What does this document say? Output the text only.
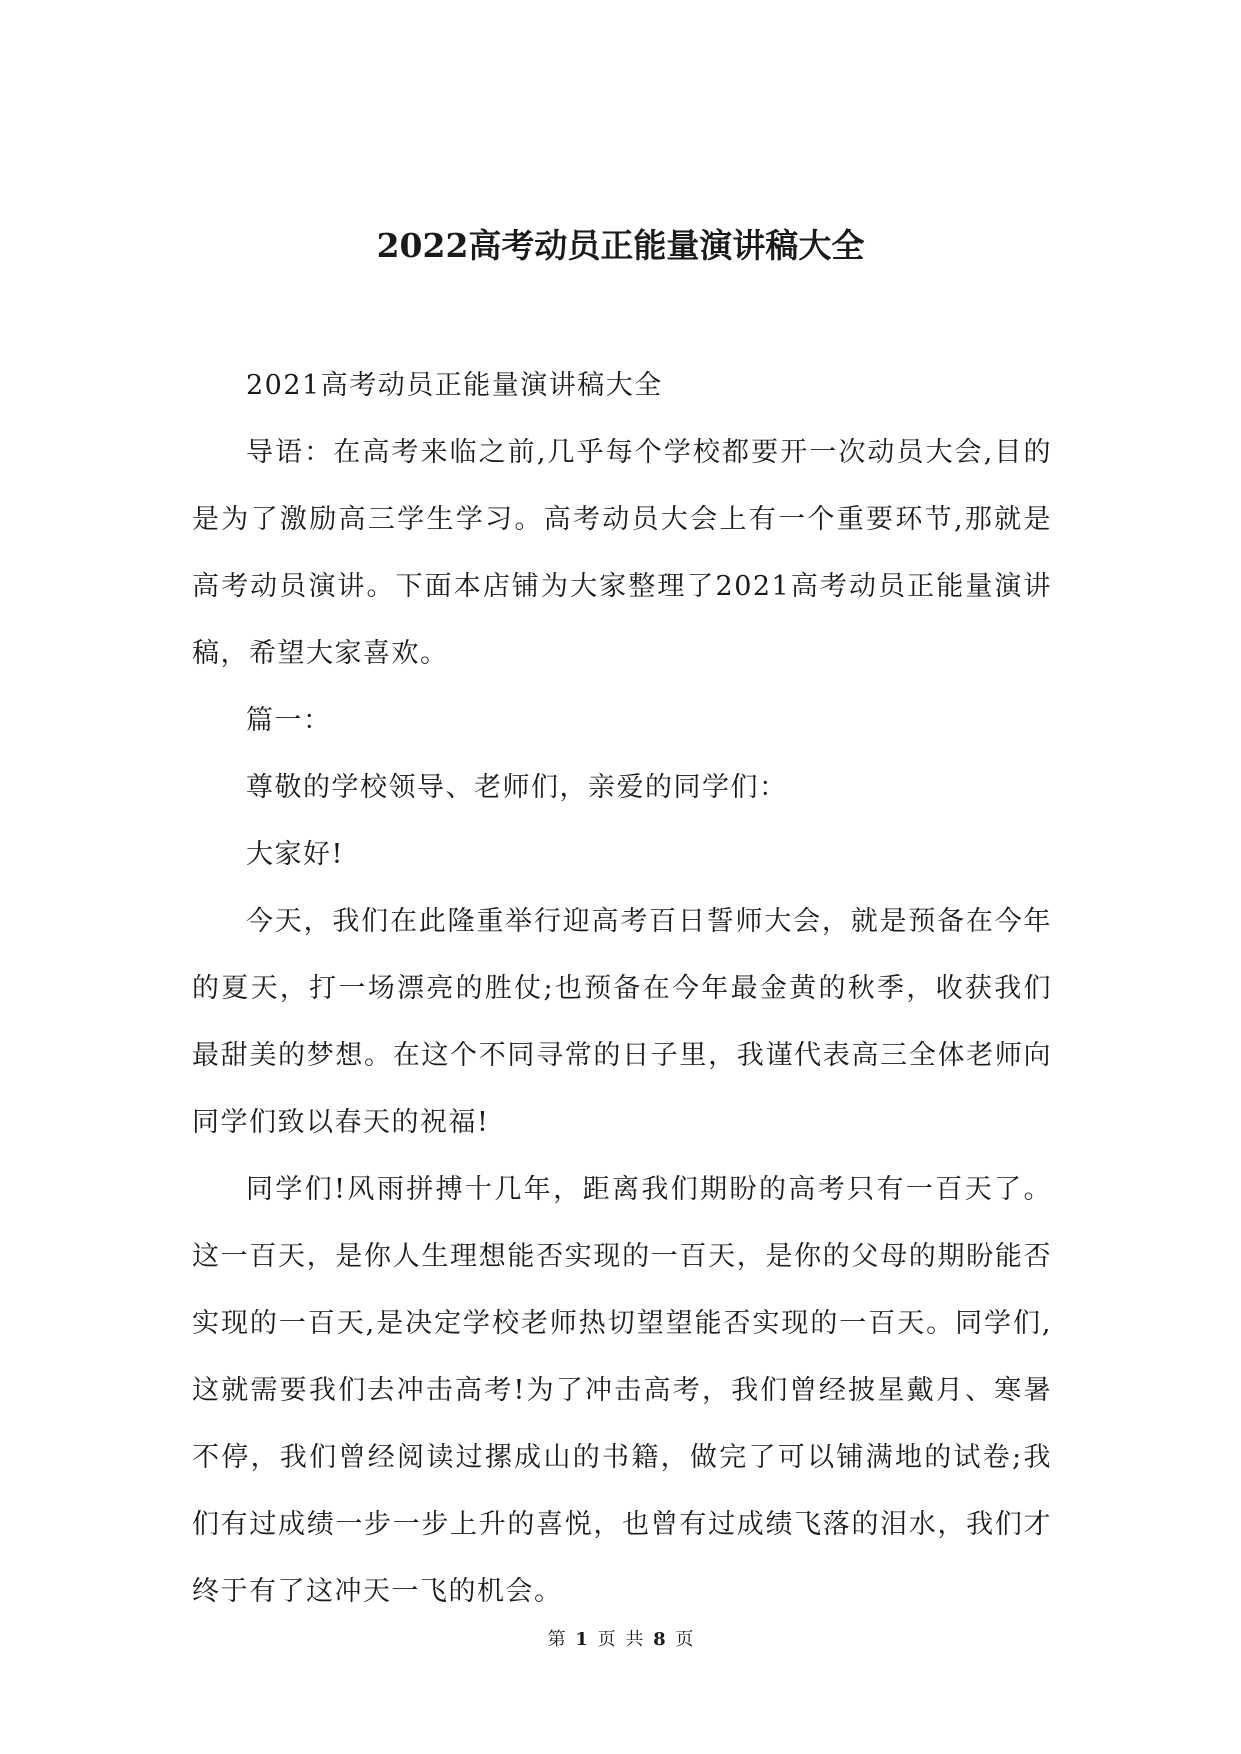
2022高考动员正能量演讲稿大全

2021高考动员正能量演讲稿大全

导语：在高考来临之前,几乎每个学校都要开一次动员大会,目的是为了激励高三学生学习。高考动员大会上有一个重要环节,那就是高考动员演讲。下面本店铺为大家整理了2021高考动员正能量演讲稿，希望大家喜欢。

篇一：

尊敬的学校领导、老师们，亲爱的同学们：

大家好!

今天，我们在此隆重举行迎高考百日誓师大会，就是预备在今年的夏天，打一场漂亮的胜仗;也预备在今年最金黄的秋季，收获我们最甜美的梦想。在这个不同寻常的日子里，我谨代表高三全体老师向同学们致以春天的祝福!

同学们!风雨拼搏十几年，距离我们期盼的高考只有一百天了。这一百天，是你人生理想能否实现的一百天，是你的父母的期盼能否实现的一百天,是决定学校老师热切望望能否实现的一百天。同学们,这就需要我们去冲击高考!为了冲击高考，我们曾经披星戴月、寒暑不停，我们曾经阅读过摞成山的书籍，做完了可以铺满地的试卷;我们有过成绩一步一步上升的喜悦，也曾有过成绩飞落的泪水，我们才终于有了这冲天一飞的机会。

第 1 页 共 8 页
